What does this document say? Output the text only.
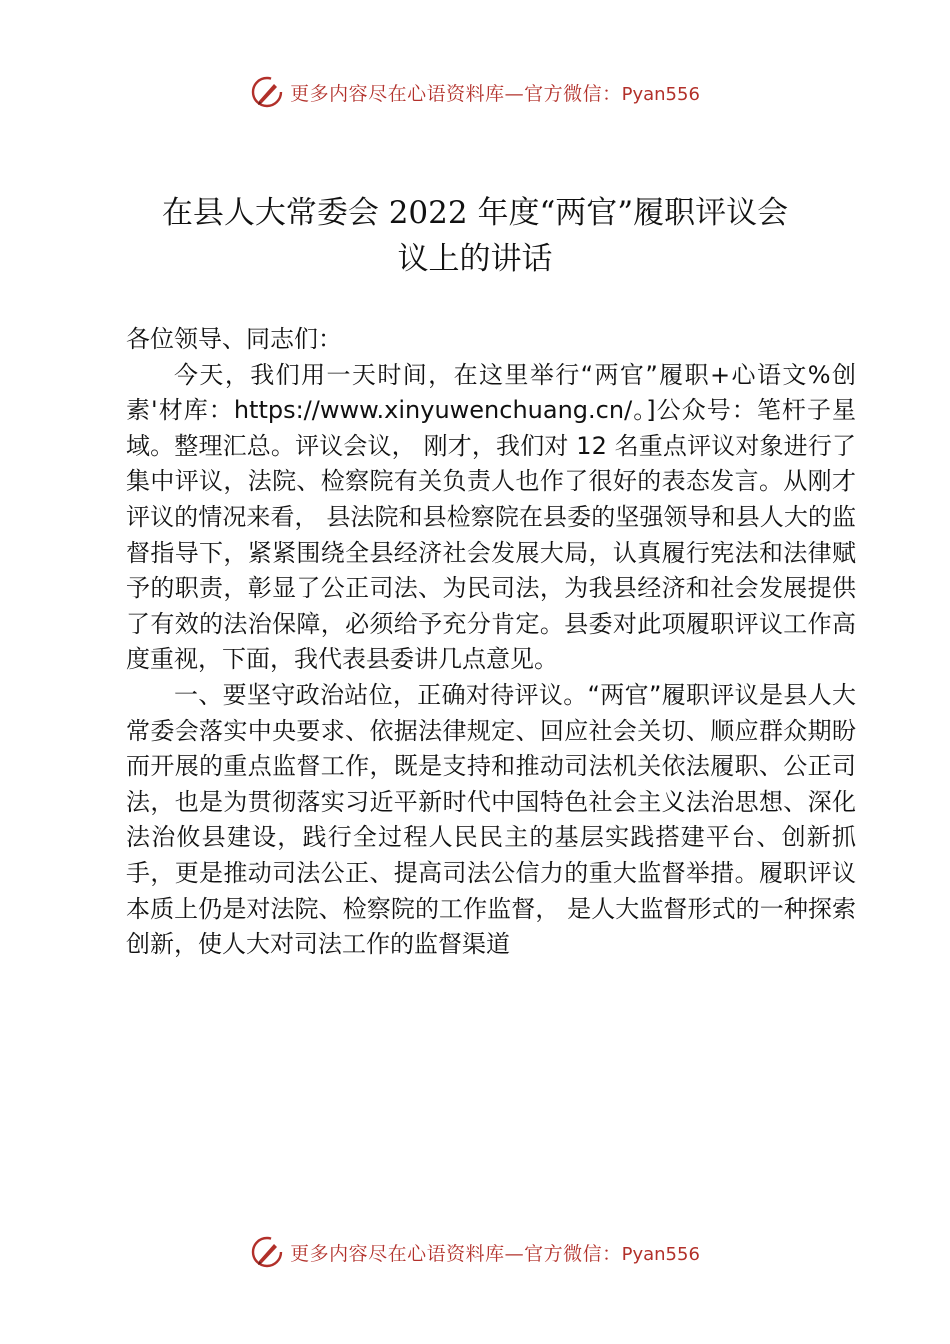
更多内容尽在心语资料库—官方微信：Pyan556
在县人大常委会 2022 年度“两官”履职评议会
议上的讲话

各位领导、同志们：

今天，我们用一天时间，在这里举行“两官”履职+心语文%创素'材库：https://www.xinyuwenchuang.cn/。]公众号：笔杆子星域。整理汇总。评议会议， 刚才，我们对 12 名重点评议对象进行了集中评议，法院、检察院有关负责人也作了很好的表态发言。从刚才评议的情况来看， 县法院和县检察院在县委的坚强领导和县人大的监督指导下，紧紧围绕全县经济社会发展大局，认真履行宪法和法律赋予的职责，彰显了公正司法、为民司法，为我县经济和社会发展提供了有效的法治保障，必须给予充分肯定。县委对此项履职评议工作高度重视，下面，我代表县委讲几点意见。

一、要坚守政治站位，正确对待评议。“两官”履职评议是县人大常委会落实中央要求、依据法律规定、回应社会关切、顺应群众期盼而开展的重点监督工作，既是支持和推动司法机关依法履职、公正司法，也是为贯彻落实习近平新时代中国特色社会主义法治思想、深化法治攸县建设，践行全过程人民民主的基层实践搭建平台、创新抓手，更是推动司法公正、提高司法公信力的重大监督举措。履职评议本质上仍是对法院、检察院的工作监督， 是人大监督形式的一种探索创新，使人大对司法工作的监督渠道

更多内容尽在心语资料库—官方微信：Pyan556
